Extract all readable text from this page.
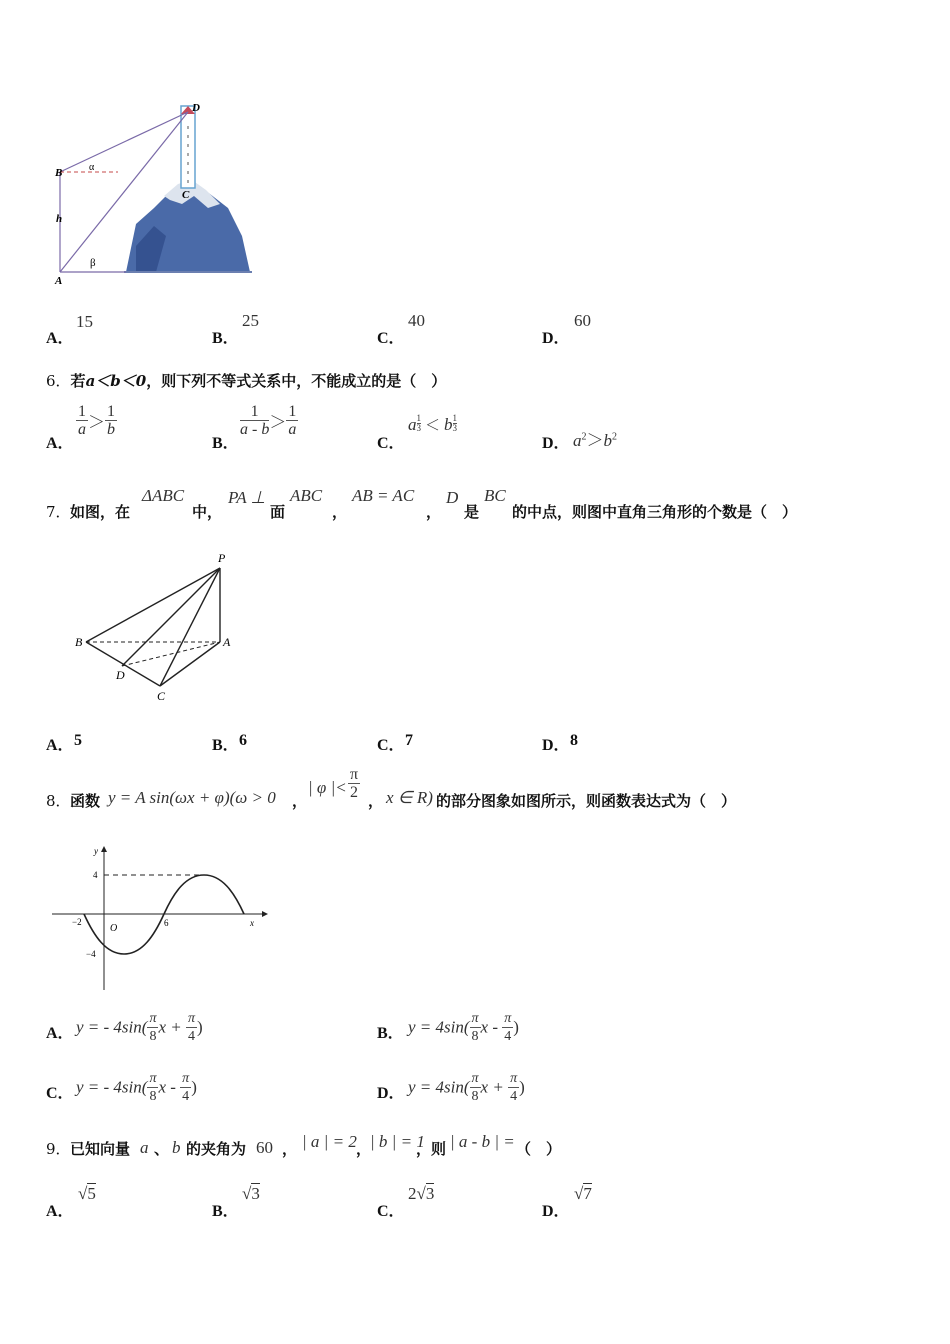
D
B
C
A
h
α
β
A．
15
B．
25
C．
40
D．
60
6．若a＜b＜0，则下列不等式关系中，不能成立的是（　）
A．
$\frac{1}{a} > \frac{1}{b}$
B．
$\frac{1}{a - b} > \frac{1}{a}$
C．
a $\frac{1}{3} < b \frac{1}{3}$
D． $a^2>b^2$
7． 如图，在
ΔABC
中，
PA ⊥
面
ABC
，
AB = AC
，
D
是
BC
的中点，则图中直角三角形的个数是（　）
P
B	A
D
C
A． 5	B． 6	C． 7	D． 8
8． 函数 y = A sin(ωx + φ)(ω > 0 ，
| φ |< $\frac{\pi}{2}$ ， x ∈ R) 的部分图象如图所示，则函数表达式为（　）
y
x
O
4
−4
−2	6
A． y = - $4\sin( \frac{\pi}{8}$ $x + \frac{\pi}{4}$ )	B． $y = 4\sin( \frac{\pi}{8}$ x - $\frac{\pi}{4}$ )
C． y = - $4\sin( \frac{\pi}{8}$ x - $\frac{\pi}{4}$ )	D． $y = 4\sin( \frac{\pi}{8}$ $x + \frac{\pi}{4}$ )
9． 已知向量 a 、 b 的夹角为 60 ， | a | = 2 ，
| b | = 1
，则 | a - b | = （　）
A．
√5
B．
√3
C．
2√3
D．
√7
